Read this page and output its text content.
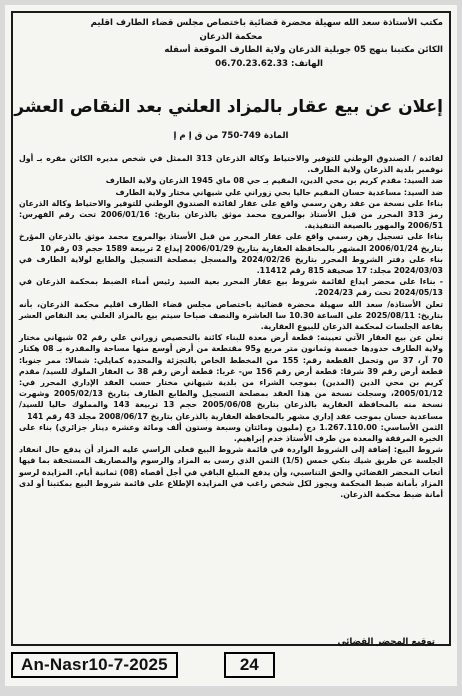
مكتب الأستاذة سعد الله سهيلة محضرة قضائية باختصاص مجلس قضاء الطارف اقليم
محكمة الذرعان
الكائن مكتبنا بنهج 05 جويلية الذرعان ولاية الطارف الموقعة أسفله
الهاتف: 06.70.23.62.33
إعلان عن بيع عقار بالمزاد العلني بعد النقاص العشر
المادة 749-750 من ق إ م إ

لفائدة / الصندوق الوطني للتوفير والاحتياط وكالة الذرعان 313 الممثل في شخص مديره الكائن مقره بـ أول نوفمبر بلدية الذرعان ولاية الطارف.

ضد السيد: مقدم كريم بن محي الدين، المقيم بـ حي 08 ماي 1945 الذرعان ولاية الطارف

ضد السيد: مساعدية حسان المقيم حاليا بحي زوراني علي شيهاني مختار ولاية الطارف

بناءا على نسخة من عقد رهن رسمي واقع على عقار لفائدة الصندوق الوطني للتوفير والاحتياط وكالة الذرعان رمز 313 المحرر من قبل الأستاذ بوالمروج محمد موثق بالذرعان بتاريخ: 2006/01/16 تحت رقم الفهرس: 2006/51 والمهور بالصيغة التنفيذية.

بناءا على تسجيل رهن رسمي واقع على عقار المحرر من قبل الأستاذ بوالمروج محمد موثق بالذرعان المؤرخ بتاريخ 2006/01/24 المشهر بالمحافظة العقارية بتاريخ 2006/01/29 إيداع 2 تربيعة 1589 حجم 03 رقم 10

بناء على دفتر الشروط المحرر بتاريخ 2024/02/26 والمسجل بمصلحة التسجيل والطابع لولاية الطارف في 2024/03/03 مجلد: 17 صحيفة 815 رقم 11412.

- بناءا على محضر ايداع لقائمة شروط بيع عقار المحرر بعية السيد رئيس أمناء الضبط بمحكمة الذرعان في 2024/05/13 تحت رقم 2024/23.

تعلن الأستاذة/ سعد الله سهيلة محضرة قضائية باختصاص مجلس قضاء الطارف اقليم محكمة الذرعان، بأنه بتاريخ: 2025/08/11 على الساعة 10.30 سا العاشرة والنصف صباحا سيتم بيع بالمزاد العلني بعد النقاص العشر بقاعة الجلسات لمحكمة الذرعان للبيوع العقارية.

تعلن عن بيع العقار الآتي تعيينه: قطعة أرض معدة للبناء كائنة بالتحصيص زوراني علي رقم 02 شيهاني مختار ولاية الطارف حدودها خمسة وثمانون متر مربع و95 مقتطعة من أرض أوسع منها مساحة والمقدرة بـ 08 هكتار 70 آر، 37 س وتحمل القطعة رقم: 155 من المخطط الخاص بالتجزئة والمحددة كمايلي: شمالا: ممر جنوبا: قطعة أرض رقم 39 شرقا: قطعة أرض رقم 156 س- غربا: قطعة أرض رقم 38 ب العقار الملوك للسيد/ مقدم كريم بن محي الدين (المدين) بموجب الشراء من بلدية شيهاني مختار حسب العقد الإداري المحرر في: 2005/01/12، وسجلت نسخة من هذا العقد بمصلحة التسجيل والطابع الطارف بتاريخ 2005/02/13 وشهرت نسخة منه بالمحافظة العقارية بالذرعان بتاريخ 2005/06/08 حجم 13 تربيعة 143 والمملوك حاليا للسيد/ مساعدية حسان بموجب عقد إداري مشهر بالمحافظة العقارية بالذرعان بتاريخ 2008/06/17 مجلد 43 رقم 141

الثمن الأساسي: 1.267.110.00 دج (مليون ومائتان وسبعة وستون ألف ومائة وعشرة دينار جزائري) بناء على الخبرة المرفقة والمعدة من طرف الأستاذ خدم إبراهيم.

شروط البيع: إضافة إلى الشروط الواردة في قائمة شروط البيع فعلى الراسي عليه المزاد أن يدفع حال انعقاد الجلسة عن طريق شيك بنكي خمس (1/5) الثمن الذي رسى به المزاد والرسوم والمصاريف المستحقة بما فيها أتعاب المحضر القضائي والحق التناسبي، وأن يدفع المبلغ الباقي في أجل أقصاه (08) ثمانية أيام. المزايدة لرسو المزاد بأمانة ضبط المحكمة ويجوز لكل شخص راغب في المزايدة الإطلاع على قائمة شروط البيع بمكتبنا أو لدى أمانة ضبط محكمة الذرعان.

توقيع المحضر القضائي
An-Nasr10-7-2025	24
